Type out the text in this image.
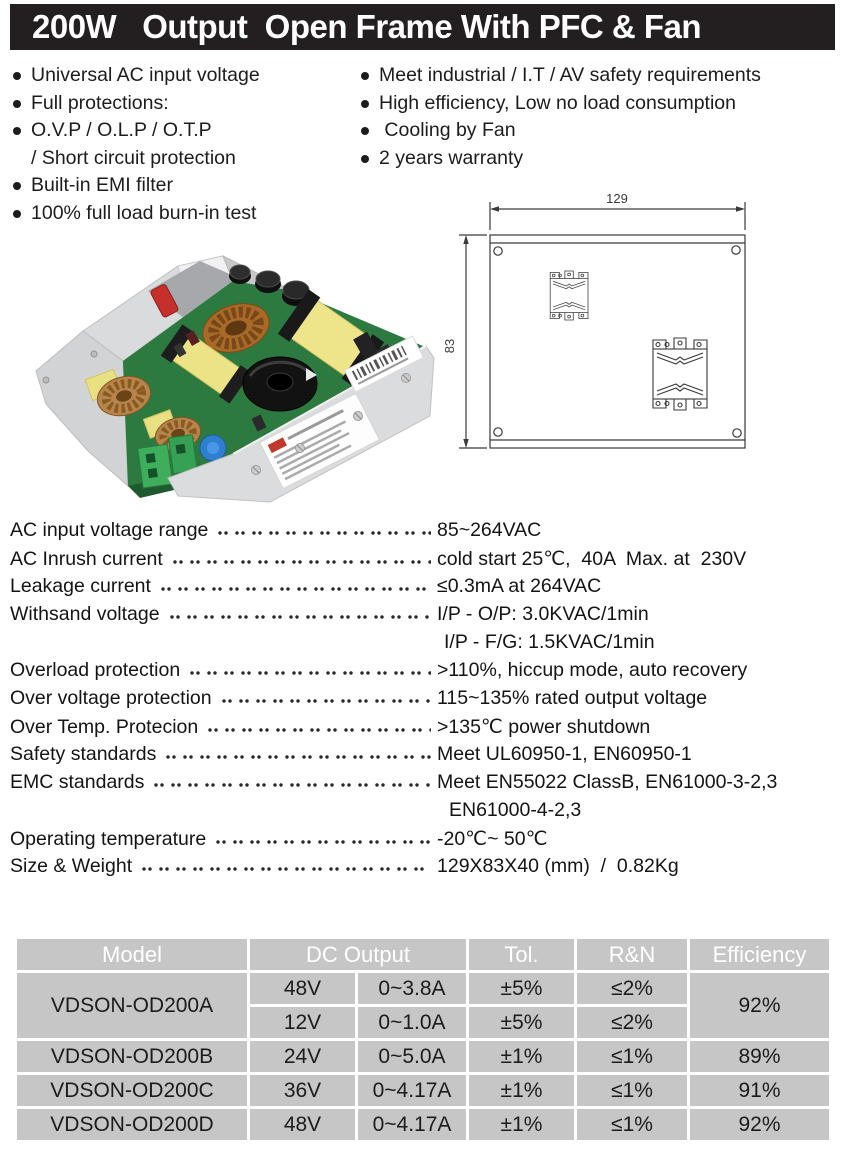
200W   Output  Open Frame With PFC & Fan
Universal AC input voltage
Full protections:
O.V.P / O.L.P / O.T.P
/ Short circuit protection
Built-in EMI filter
100% full load burn-in test
Meet industrial / I.T / AV safety requirements
High efficiency, Low no load consumption
Cooling by Fan
2 years warranty
129
83
AC input voltage range	85~264VAC
AC Inrush current	cold start 25℃,  40A  Max. at  230V
Leakage current	≤0.3mA at 264VAC
Withsand voltage	I/P - O/P: 3.0KVAC/1min
I/P - F/G: 1.5KVAC/1min
Overload protection	>110%, hiccup mode, auto recovery
Over voltage protection	115~135% rated output voltage
Over Temp. Protecion	>135℃ power shutdown
Safety standards	Meet UL60950-1, EN60950-1
EMC standards	Meet EN55022 ClassB, EN61000-3-2,3
EN61000-4-2,3
Operating temperature	-20℃~ 50℃
Size & Weight	129X83X40 (mm)  /  0.82Kg
Model	DC Output		Tol.	R&N	Efficiency
VDSON-OD200A	48V	0~3.8A	±5%	≤2%	92%
	12V	0~1.0A	±5%	≤2%	
VDSON-OD200B	24V	0~5.0A	±1%	≤1%	89%
VDSON-OD200C	36V	0~4.17A	±1%	≤1%	91%
VDSON-OD200D	48V	0~4.17A	±1%	≤1%	92%
